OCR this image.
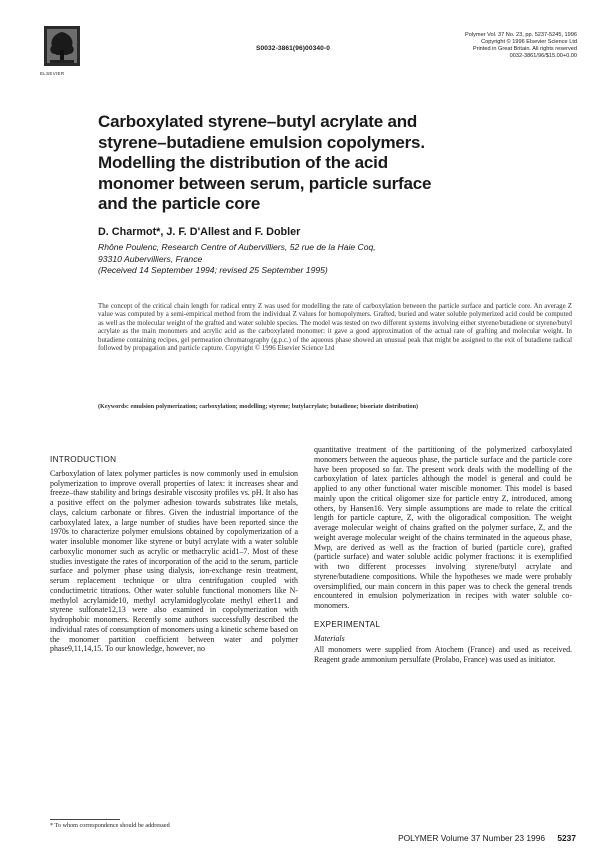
ELSEVIER
S0032-3861(96)00340-0
Polymer Vol. 37 No. 23, pp. 5237-5245, 1996
Copyright © 1996 Elsevier Science Ltd
Printed in Great Britain. All rights reserved
0032-3861/96/$15.00+0.00
Carboxylated styrene–butyl acrylate and
styrene–butadiene emulsion copolymers.
Modelling the distribution of the acid
monomer between serum, particle surface
and the particle core
D. Charmot*, J. F. D'Allest and F. Dobler
Rhône Poulenc, Research Centre of Aubervilliers, 52 rue de la Haie Coq,
93310 Aubervilliers, France
(Received 14 September 1994; revised 25 September 1995)

The concept of the critical chain length for radical entry Z was used for modelling the rate of carboxylation between the particle surface and particle core. An average Z value was computed by a semi-empirical method from the individual Z values for homopolymers. Grafted, buried and water soluble polymerized acid could be computed as well as the molecular weight of the grafted and water soluble species. The model was tested on two different systems involving either styrene/butadiene or styrene/butyl acrylate as the main monomers and acrylic acid as the carboxylated monomer: it gave a good approximation of the actual rate of grafting and molecular weight. In butadiene containing recipes, gel permeation chromatography (g.p.c.) of the aqueous phase showed an unusual peak that might be assigned to the exit of butadiene radical followed by propagation and particle capture. Copyright © 1996 Elsevier Science Ltd

(Keywords: emulsion polymerization; carboxylation; modelling; styrene; butylacrylate; butadiene; bisoriate distribution)
INTRODUCTION

Carboxylation of latex polymer particles is now commonly used in emulsion polymerization to improve overall properties of latex: it increases shear and freeze–thaw stability and brings desirable viscosity profiles vs. pH. It also has a positive effect on the polymer adhesion towards substrates like metals, clays, calcium carbonate or fibres. Given the industrial importance of the carboxylated latex, a large number of studies have been reported since the 1970s to characterize polymer emulsions obtained by copolymerization of a water insoluble monomer like styrene or butyl acrylate with a water soluble carboxylic monomer such as acrylic or methacrylic acid1–7. Most of these studies investigate the rates of incorporation of the acid to the serum, particle surface and polymer phase using dialysis, ion-exchange resin treatment, serum replacement technique or ultra centrifugation coupled with conductimetric titrations. Other water soluble functional monomers like N-methylol acrylamide10, methyl acrylamidoglycolate methyl ether11 and styrene sulfonate12,13 were also examined in copolymerization with hydrophobic monomers. Recently some authors successfully described the individual rates of consumption of monomers using a kinetic scheme based on the monomer partition coefficient between water and polymer phase9,11,14,15. To our knowledge, however, no

quantitative treatment of the partitioning of the polymerized carboxylated monomers between the aqueous phase, the particle surface and the particle core have been proposed so far. The present work deals with the modelling of the carboxylation of latex particles although the model is general and could be applied to any other functional water miscible monomer. This model is based mainly upon the critical oligomer size for particle entry Z, introduced, among others, by Hansen16. Very simple assumptions are made to relate the critical length for particle capture, Z, with the oligoradical composition. The weight average molecular weight of chains grafted on the polymer surface, Z, and the weight average molecular weight of the chains terminated in the aqueous phase, Mwp, are derived as well as the fraction of buried (particle core), grafted (particle surface) and water soluble acidic polymer fractions: it is exemplified with two different processes involving styrene/butyl acrylate and styrene/butadiene compositions. While the hypotheses we made were probably oversimplified, our main concern in this paper was to check the general trends encountered in emulsion polymerization in recipes with water soluble co-monomers.

EXPERIMENTAL
Materials

All monomers were supplied from Atochem (France) and used as received. Reagent grade ammonium persulfate (Prolabo, France) was used as initiator.

* To whom correspondence should be addressed
POLYMER Volume 37 Number 23 1996 5237
